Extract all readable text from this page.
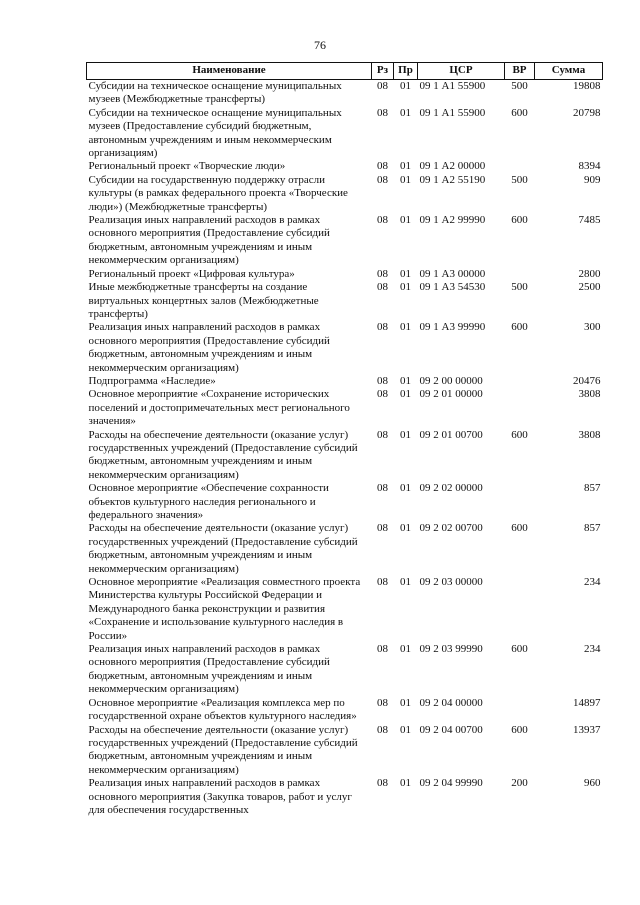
76
Наименование	Рз	Пр	ЦСР	ВР	Сумма
Субсидии на техническое оснащение муниципальных музеев (Межбюджетные трансферты)	08	01	09 1 А1 55900	500	19808
Субсидии на техническое оснащение муниципальных музеев (Предоставление субсидий бюджетным, автономным учреждениям и иным некоммерческим организациям)	08	01	09 1 А1 55900	600	20798
Региональный проект «Творческие люди»	08	01	09 1 А2 00000		8394
Субсидии на государственную поддержку отрасли культуры (в рамках федерального проекта «Творческие люди») (Межбюджетные трансферты)	08	01	09 1 А2 55190	500	909
Реализация иных направлений расходов в рамках основного мероприятия (Предоставление субсидий бюджетным, автономным учреждениям и иным некоммерческим организациям)	08	01	09 1 А2 99990	600	7485
Региональный проект «Цифровая культура»	08	01	09 1 А3 00000		2800
Иные межбюджетные трансферты на создание виртуальных концертных залов (Межбюджетные трансферты)	08	01	09 1 А3 54530	500	2500
Реализация иных направлений расходов в рамках основного мероприятия (Предоставление субсидий бюджетным, автономным учреждениям и иным некоммерческим организациям)	08	01	09 1 А3 99990	600	300
Подпрограмма «Наследие»	08	01	09 2 00 00000		20476
Основное мероприятие «Сохранение исторических поселений и достопримечательных мест регионального значения»	08	01	09 2 01 00000		3808
Расходы на обеспечение деятельности (оказание услуг) государственных учреждений (Предоставление субсидий бюджетным, автономным учреждениям и иным некоммерческим организациям)	08	01	09 2 01 00700	600	3808
Основное мероприятие «Обеспечение сохранности объектов культурного наследия регионального и федерального значения»	08	01	09 2 02 00000		857
Расходы на обеспечение деятельности (оказание услуг) государственных учреждений (Предоставление субсидий бюджетным, автономным учреждениям и иным некоммерческим организациям)	08	01	09 2 02 00700	600	857
Основное мероприятие «Реализация совместного проекта Министерства культуры Российской Федерации и Международного банка реконструкции и развития «Сохранение и использование культурного наследия в России»	08	01	09 2 03 00000		234
Реализация иных направлений расходов в рамках основного мероприятия (Предоставление субсидий бюджетным, автономным учреждениям и иным некоммерческим организациям)	08	01	09 2 03 99990	600	234
Основное мероприятие «Реализация комплекса мер по государственной охране объектов культурного наследия»	08	01	09 2 04 00000		14897
Расходы на обеспечение деятельности (оказание услуг) государственных учреждений (Предоставление субсидий бюджетным, автономным учреждениям и иным некоммерческим организациям)	08	01	09 2 04 00700	600	13937
Реализация иных направлений расходов в рамках основного мероприятия (Закупка товаров, работ и услуг для обеспечения государственных	08	01	09 2 04 99990	200	960
